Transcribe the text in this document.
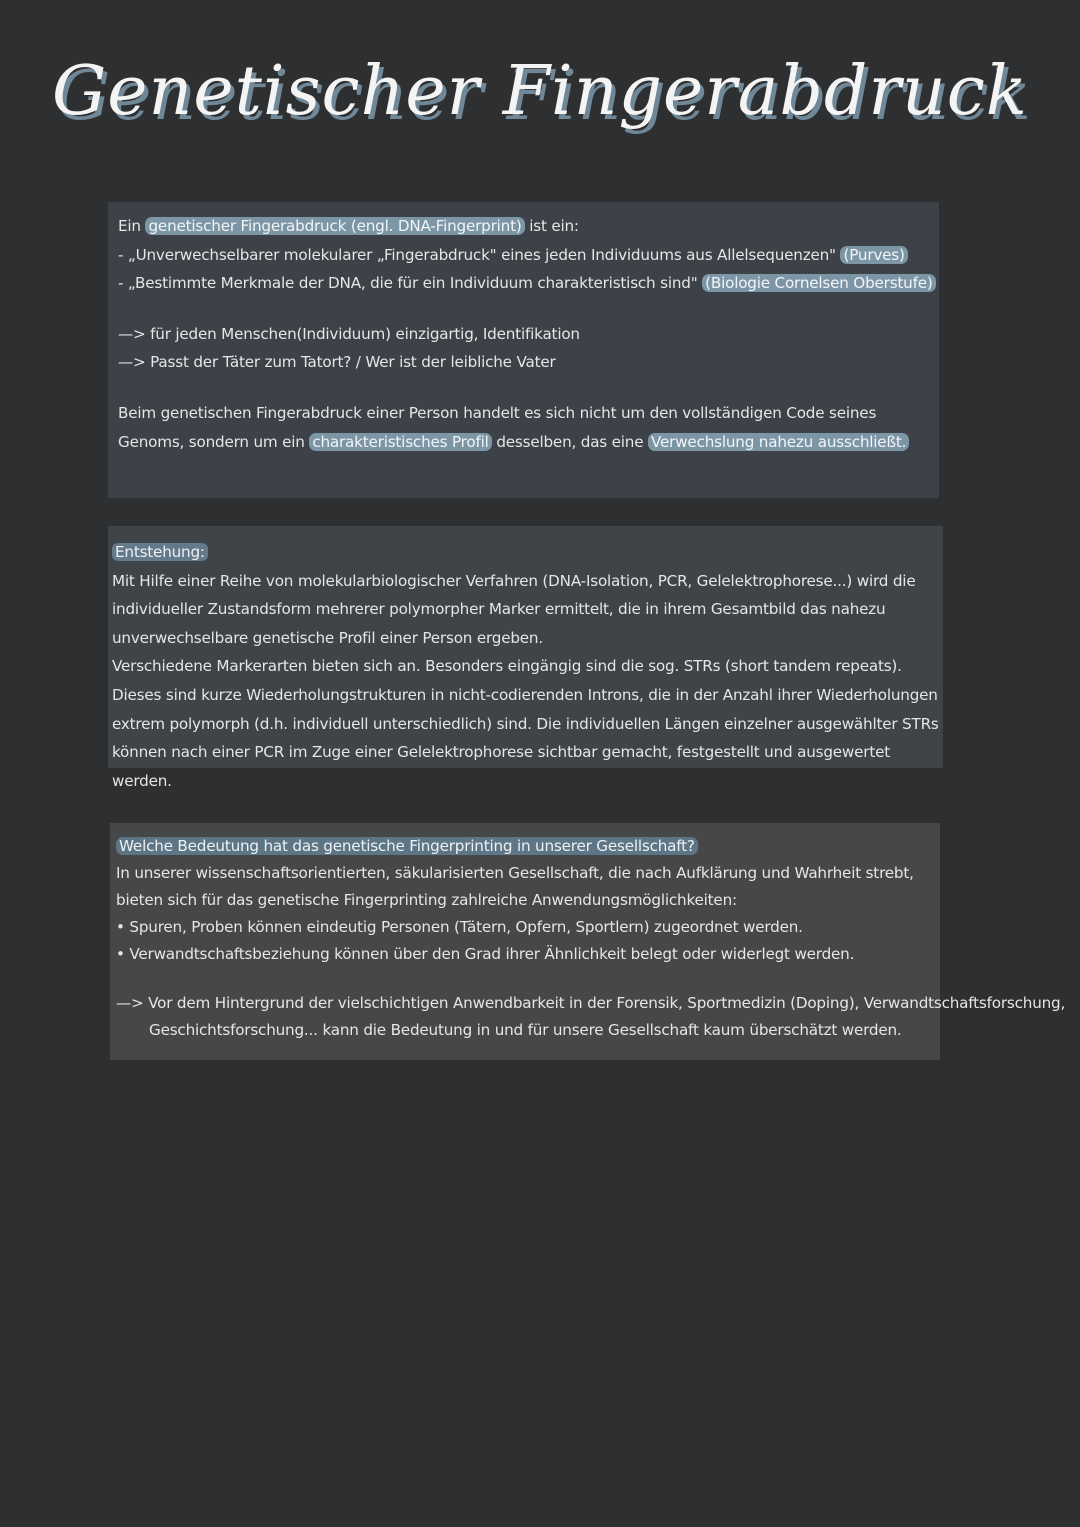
Genetischer Fingerabdruck
Ein genetischer Fingerabdruck (engl. DNA-Fingerprint) ist ein:
- „Unverwechselbarer molekularer „Fingerabdruck" eines jeden Individuums aus Allelsequenzen" (Purves)
- „Bestimmte Merkmale der DNA, die für ein Individuum charakteristisch sind" (Biologie Cornelsen Oberstufe)
—> für jeden Menschen(Individuum) einzigartig, Identifikation
—> Passt der Täter zum Tatort? / Wer ist der leibliche Vater
Beim genetischen Fingerabdruck einer Person handelt es sich nicht um den vollständigen Code seines Genoms, sondern um ein charakteristisches Profil desselben, das eine Verwechslung nahezu ausschließt.
Entstehung:
Mit Hilfe einer Reihe von molekularbiologischer Verfahren (DNA-Isolation, PCR, Gelelektrophorese...) wird die individueller Zustandsform mehrerer polymorpher Marker ermittelt, die in ihrem Gesamtbild das nahezu unverwechselbare genetische Profil einer Person ergeben.
Verschiedene Markerarten bieten sich an. Besonders eingängig sind die sog. STRs (short tandem repeats). Dieses sind kurze Wiederholungstrukturen in nicht-codierenden Introns, die in der Anzahl ihrer Wiederholungen extrem polymorph (d.h. individuell unterschiedlich) sind. Die individuellen Längen einzelner ausgewählter STRs können nach einer PCR im Zuge einer Gelelektrophorese sichtbar gemacht, festgestellt und ausgewertet werden.
Welche Bedeutung hat das genetische Fingerprinting in unserer Gesellschaft?
In unserer wissenschaftsorientierten, säkularisierten Gesellschaft, die nach Aufklärung und Wahrheit strebt, bieten sich für das genetische Fingerprinting zahlreiche Anwendungsmöglichkeiten:
• Spuren, Proben können eindeutig Personen (Tätern, Opfern, Sportlern) zugeordnet werden.
• Verwandtschaftsbeziehung können über den Grad ihrer Ähnlichkeit belegt oder widerlegt werden.
—> Vor dem Hintergrund der vielschichtigen Anwendbarkeit in der Forensik, Sportmedizin (Doping), Verwandtschaftsforschung,
Geschichtsforschung... kann die Bedeutung in und für unsere Gesellschaft kaum überschätzt werden.
